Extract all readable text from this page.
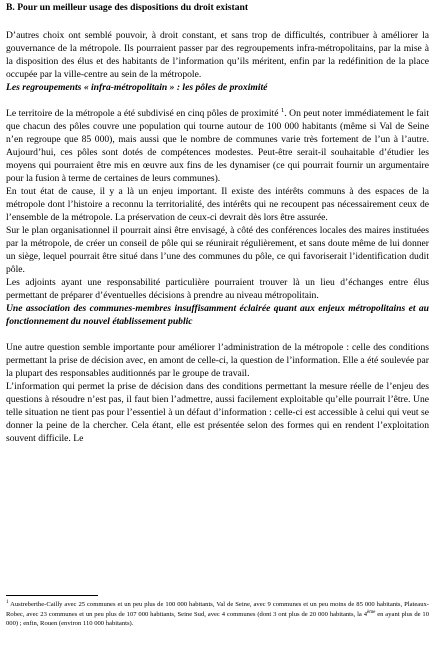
B. Pour un meilleur usage des dispositions du droit existant

D’autres choix ont semblé pouvoir, à droit constant, et sans trop de difficultés, contribuer à améliorer la gouvernance de la métropole. Ils pourraient passer par des regroupements infra-métropolitains, par la mise à la disposition des élus et des habitants de l’information qu’ils méritent, enfin par la redéfinition de la place occupée par la ville-centre au sein de la métropole.

Les regroupements « infra-métropolitain » : les pôles de proximité

Le territoire de la métropole a été subdivisé en cinq pôles de proximité $^1$. On peut noter immédiatement le fait que chacun des pôles couvre une population qui tourne autour de 100 000 habitants (même si Val de Seine n’en regroupe que 85 000), mais aussi que le nombre de communes varie très fortement de l’un à l’autre. Aujourd’hui, ces pôles sont dotés de compétences modestes. Peut-être serait-il souhaitable d’étudier les moyens qui pourraient être mis en œuvre aux fins de les dynamiser (ce qui pourrait fournir un argumentaire pour la fusion à terme de certaines de leurs communes).

En tout état de cause, il y a là un enjeu important. Il existe des intérêts communs à des espaces de la métropole dont l’histoire a reconnu la territorialité, des intérêts qui ne recoupent pas nécessairement ceux de l’ensemble de la métropole. La préservation de ceux-ci devrait dès lors être assurée.

Sur le plan organisationnel il pourrait ainsi être envisagé, à côté des conférences locales des maires instituées par la métropole, de créer un conseil de pôle qui se réunirait régulièrement, et sans doute même de lui donner un siège, lequel pourrait être situé dans l’une des communes du pôle, ce qui favoriserait l’identification dudit pôle.

Les adjoints ayant une responsabilité particulière pourraient trouver là un lieu d’échanges entre élus permettant de préparer d’éventuelles décisions à prendre au niveau métropolitain.

Une association des communes-membres insuffisamment éclairée quant aux enjeux métropolitains et au fonctionnement du nouvel établissement public

Une autre question semble importante pour améliorer l’administration de la métropole : celle des conditions permettant la prise de décision avec, en amont de celle-ci, la question de l’information. Elle a été soulevée par la plupart des responsables auditionnés par le groupe de travail.

L’information qui permet la prise de décision dans des conditions permettant la mesure réelle de l’enjeu des questions à résoudre n’est pas, il faut bien l’admettre, aussi facilement exploitable qu’elle pourrait l’être. Une telle situation ne tient pas pour l’essentiel à un défaut d’information : celle-ci est accessible à celui qui veut se donner la peine de la chercher. Cela étant, elle est présentée selon des formes qui en rendent l’exploitation souvent difficile. Le

$^1$ Austreberthe-Cailly avec 25 communes et un peu plus de 100 000 habitants, Val de Seine, avec 9 communes et un peu moins de 85 000 habitants, Plateaux-Robec, avec 23 communes et un peu plus de 107 000 habitants, Seine Sud, avec 4 communes (dont 3 ont plus de 20 000 habitants, la 4ème en ayant plus de 10 000) ; enfin, Rouen (environ 110 000 habitants).
